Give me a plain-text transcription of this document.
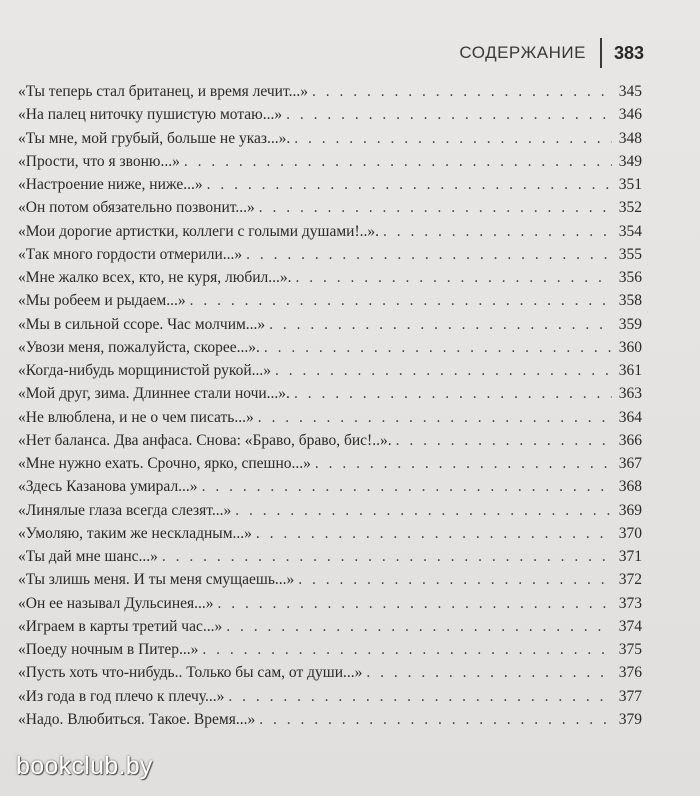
СОДЕРЖАНИЕ	383
«Ты теперь стал британец, и время лечит...» . . .	345
«На палец ниточку пушистую мотаю...» . . .	346
«Ты мне, мой грубый, больше не указ...». . . .	348
«Прости, что я звоню...» . . .	349
«Настроение ниже, ниже...» . . .	351
«Он потом обязательно позвонит...» . . .	352
«Мои дорогие артистки, коллеги с голыми душами!..». . . .	354
«Так много гордости отмерили...» . . .	355
«Мне жалко всех, кто, не куря, любил...». . . .	356
«Мы робеем и рыдаем...» . . .	358
«Мы в сильной ссоре. Час молчим...» . . .	359
«Увози меня, пожалуйста, скорее...». . . .	360
«Когда-нибудь морщинистой рукой...» . . .	361
«Мой друг, зима. Длиннее стали ночи...». . . .	363
«Не влюблена, и не о чем писать...» . . .	364
«Нет баланса. Два анфаса. Снова: «Браво, браво, бис!..». . . .	366
«Мне нужно ехать. Срочно, ярко, спешно...» . . .	367
«Здесь Казанова умирал...» . . .	368
«Линялые глаза всегда слезят...» . . .	369
«Умоляю, таким же нескладным...» . . .	370
«Ты дай мне шанс...» . . .	371
«Ты злишь меня. И ты меня смущаешь...» . . .	372
«Он ее называл Дульсинея...» . . .	373
«Играем в карты третий час...» . . .	374
«Поеду ночным в Питер...» . . .	375
«Пусть хоть что-нибудь.. Только бы сам, от души...» . . .	376
«Из года в год плечо к плечу...» . . .	377
«Надо. Влюбиться. Такое. Время...» . . .	379
bookclub.by
